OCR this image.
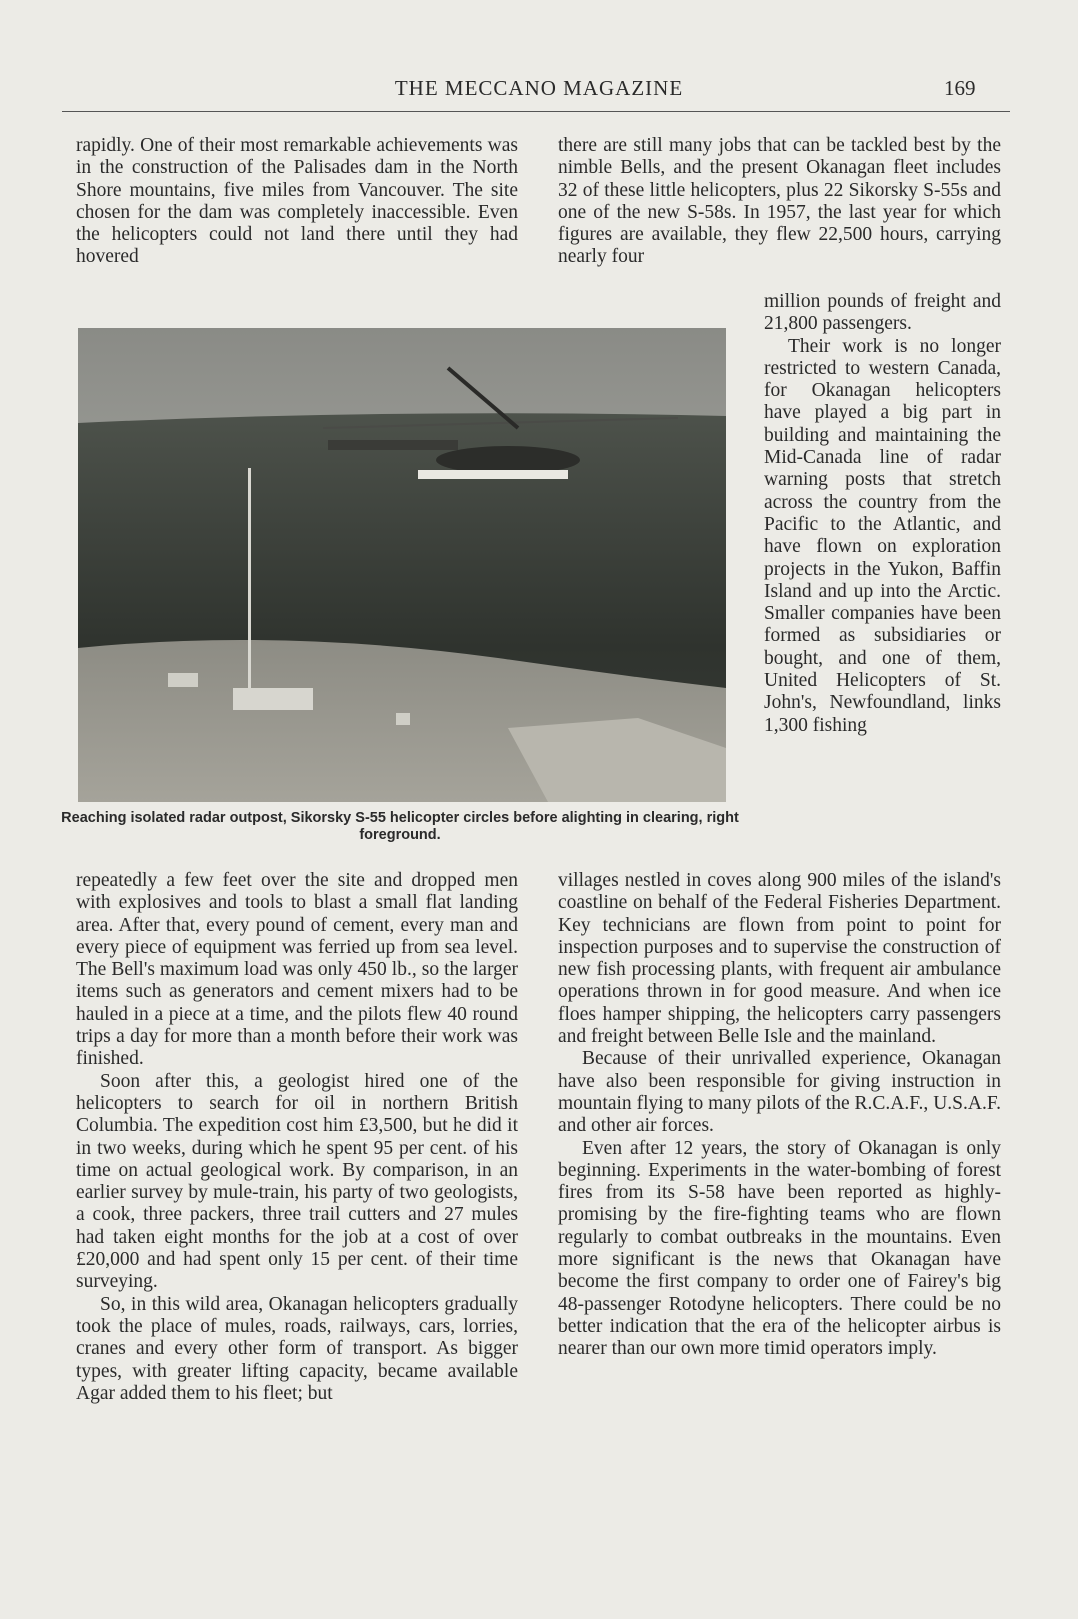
THE MECCANO MAGAZINE	169

rapidly. One of their most remarkable achievements was in the construction of the Palisades dam in the North Shore mountains, five miles from Vancouver. The site chosen for the dam was completely inaccessible. Even the helicopters could not land there until they had hovered

there are still many jobs that can be tackled best by the nimble Bells, and the present Okanagan fleet includes 32 of these little helicopters, plus 22 Sikorsky S-55s and one of the new S-58s. In 1957, the last year for which figures are available, they flew 22,500 hours, carrying nearly four

million pounds of freight and 21,800 passengers.

Their work is no longer restricted to western Canada, for Okanagan helicopters have played a big part in building and maintaining the Mid-Canada line of radar warning posts that stretch across the country from the Pacific to the Atlantic, and have flown on exploration projects in the Yukon, Baffin Island and up into the Arctic. Smaller companies have been formed as subsidiaries or bought, and one of them, United Helicopters of St. John's, Newfoundland, links 1,300 fishing

Reaching isolated radar outpost, Sikorsky S-55 helicopter circles before alighting in clearing, right foreground.

repeatedly a few feet over the site and dropped men with explosives and tools to blast a small flat landing area. After that, every pound of cement, every man and every piece of equipment was ferried up from sea level. The Bell's maximum load was only 450 lb., so the larger items such as generators and cement mixers had to be hauled in a piece at a time, and the pilots flew 40 round trips a day for more than a month before their work was finished.

Soon after this, a geologist hired one of the helicopters to search for oil in northern British Columbia. The expedition cost him £3,500, but he did it in two weeks, during which he spent 95 per cent. of his time on actual geological work. By comparison, in an earlier survey by mule-train, his party of two geologists, a cook, three packers, three trail cutters and 27 mules had taken eight months for the job at a cost of over £20,000 and had spent only 15 per cent. of their time surveying.

So, in this wild area, Okanagan helicopters gradually took the place of mules, roads, railways, cars, lorries, cranes and every other form of transport. As bigger types, with greater lifting capacity, became available Agar added them to his fleet; but

villages nestled in coves along 900 miles of the island's coastline on behalf of the Federal Fisheries Department. Key technicians are flown from point to point for inspection purposes and to supervise the construction of new fish processing plants, with frequent air ambulance operations thrown in for good measure. And when ice floes hamper shipping, the helicopters carry passengers and freight between Belle Isle and the mainland.

Because of their unrivalled experience, Okanagan have also been responsible for giving instruction in mountain flying to many pilots of the R.C.A.F., U.S.A.F. and other air forces.

Even after 12 years, the story of Okanagan is only beginning. Experiments in the water-bombing of forest fires from its S-58 have been reported as highly-promising by the fire-fighting teams who are flown regularly to combat outbreaks in the mountains. Even more significant is the news that Okanagan have become the first company to order one of Fairey's big 48-passenger Rotodyne helicopters. There could be no better indication that the era of the helicopter airbus is nearer than our own more timid operators imply.
